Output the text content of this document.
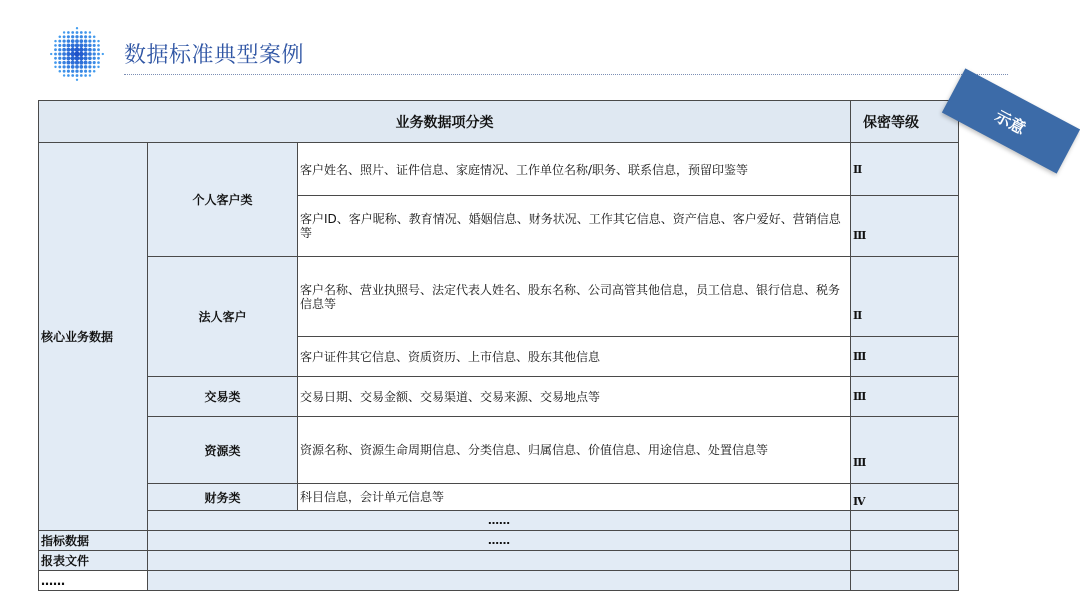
数据标准典型案例
业务数据项分类			保密等级
核心业务数据	个人客户类	客户姓名、照片、证件信息、家庭情况、工作单位名称/职务、联系信息，预留印鉴等	Ⅱ
		客户ID、客户昵称、教育情况、婚姻信息、财务状况、工作其它信息、资产信息、客户爱好、营销信息等	Ⅲ
	法人客户	客户名称、营业执照号、法定代表人姓名、股东名称、公司高管其他信息，员工信息、银行信息、税务信息等	Ⅱ
		客户证件其它信息、资质资历、上市信息、股东其他信息	Ⅲ
	交易类	交易日期、交易金额、交易渠道、交易来源、交易地点等	Ⅲ
	资源类	资源名称、资源生命周期信息、分类信息、归属信息、价值信息、用途信息、处置信息等	Ⅲ
	财务类	科目信息，会计单元信息等	Ⅳ
	……		
指标数据	……		
报表文件			
……			
示意
